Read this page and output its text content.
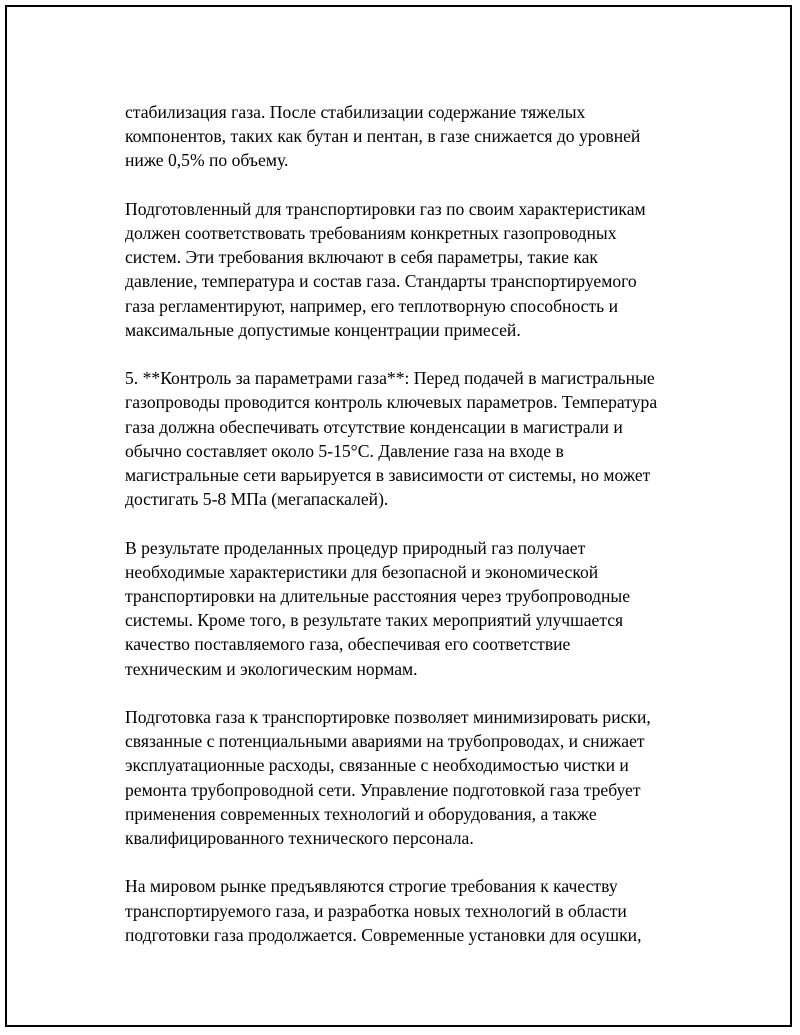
стабилизация газа. После стабилизации содержание тяжелых
компонентов, таких как бутан и пентан, в газе снижается до уровней
ниже 0,5% по объему.

Подготовленный для транспортировки газ по своим характеристикам
должен соответствовать требованиям конкретных газопроводных
систем. Эти требования включают в себя параметры, такие как
давление, температура и состав газа. Стандарты транспортируемого
газа регламентируют, например, его теплотворную способность и
максимальные допустимые концентрации примесей.

5. **Контроль за параметрами газа**: Перед подачей в магистральные
газопроводы проводится контроль ключевых параметров. Температура
газа должна обеспечивать отсутствие конденсации в магистрали и
обычно составляет около 5-15°C. Давление газа на входе в
магистральные сети варьируется в зависимости от системы, но может
достигать 5-8 МПа (мегапаскалей).

В результате проделанных процедур природный газ получает
необходимые характеристики для безопасной и экономической
транспортировки на длительные расстояния через трубопроводные
системы. Кроме того, в результате таких мероприятий улучшается
качество поставляемого газа, обеспечивая его соответствие
техническим и экологическим нормам.

Подготовка газа к транспортировке позволяет минимизировать риски,
связанные с потенциальными авариями на трубопроводах, и снижает
эксплуатационные расходы, связанные с необходимостью чистки и
ремонта трубопроводной сети. Управление подготовкой газа требует
применения современных технологий и оборудования, а также
квалифицированного технического персонала.

На мировом рынке предъявляются строгие требования к качеству
транспортируемого газа, и разработка новых технологий в области
подготовки газа продолжается. Современные установки для осушки,
